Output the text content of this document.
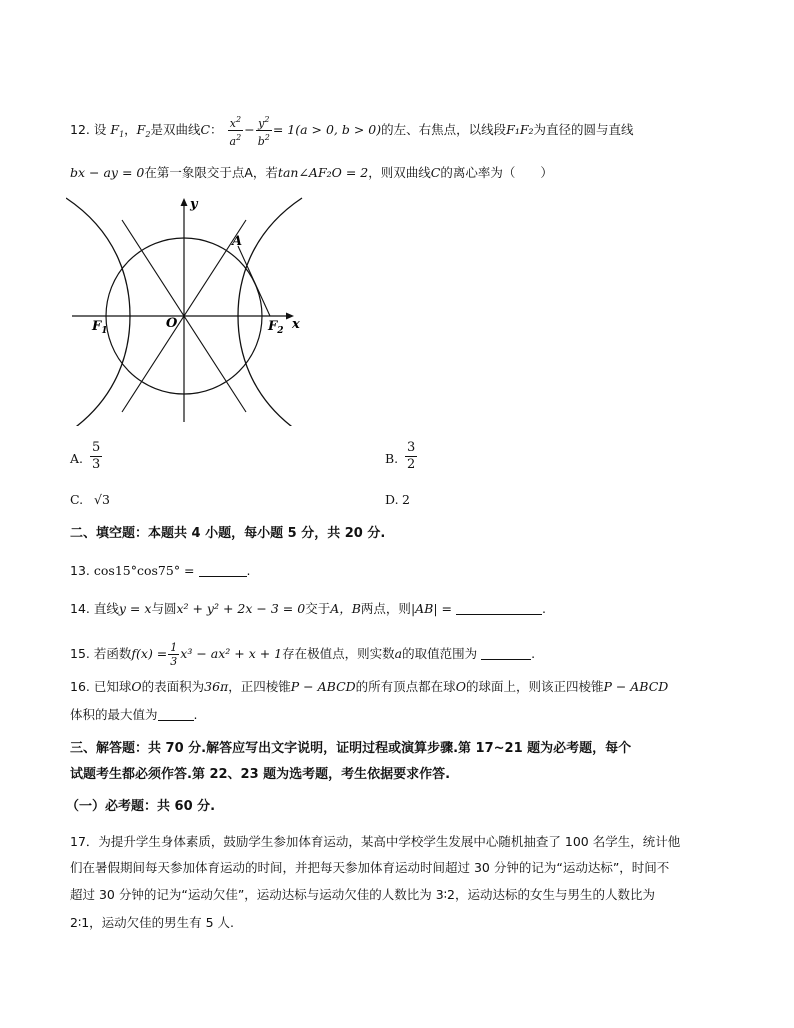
12. 设 $F_1$，$F_2$是双曲线C： $\frac{x^2}{a^2} - \frac{y^2}{b^2} = 1(a > 0$, b > 0)的左、右焦点，以线段F₁F₂为直径的圆与直线
bx − ay = 0在第一象限交于点A，若tan∠AF₂O = 2，则双曲线C的离心率为（　　）
y
x
A
O
$F_1$	$F_2$
A. $\frac{5}{3}$	B. $\frac{3}{2}$
C. √3	D. 2
二、填空题：本题共 4 小题，每小题 5 分，共 20 分.
13. cos15°cos75° =	.
14. 直线y = x与圆x² + y² + 2x − 3 = 0交于A，B两点，则|AB| =	.
15. 若函数$f(x) = \frac{1}{3} x^3 - ax^2 + x + 1$存在极值点，则实数a的取值范围为	.
16. 已知球O的表面积为36π，正四棱锥P − ABCD的所有顶点都在球O的球面上，则该正四棱锥P − ABCD
体积的最大值为	.
三、解答题：共 70 分.解答应写出文字说明，证明过程或演算步骤.第 17~21 题为必考题，每个
试题考生都必须作答.第 22、23 题为选考题，考生依据要求作答.
（一）必考题：共 60 分.
17．为提升学生身体素质，鼓励学生参加体育运动，某高中学校学生发展中心随机抽查了 100 名学生，统计他
们在暑假期间每天参加体育运动的时间，并把每天参加体育运动时间超过 30 分钟的记为“运动达标”，时间不
超过 30 分钟的记为“运动欠佳”，运动达标与运动欠佳的人数比为 3∶2，运动达标的女生与男生的人数比为
2∶1，运动欠佳的男生有 5 人.
